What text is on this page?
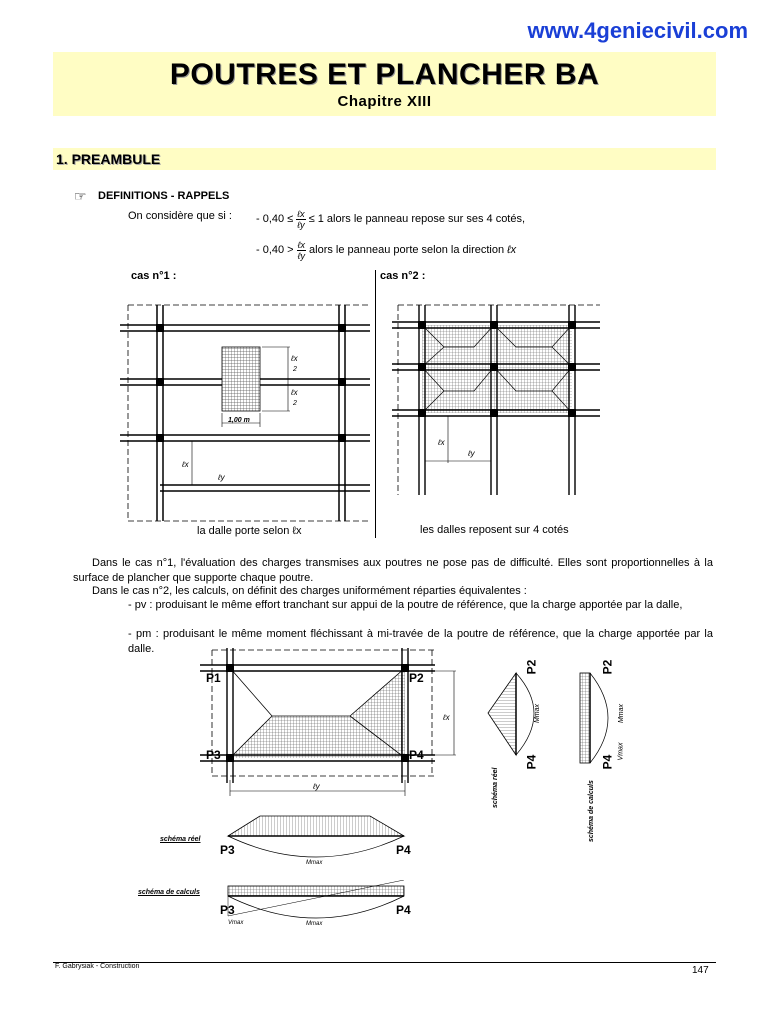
www.4geniecivil.com
POUTRES ET PLANCHER BA
Chapitre XIII
1. PREAMBULE
☞ DEFINITIONS - RAPPELS
On considère que si : - $0,40 \le \frac{\text{ℓx}}{\text{ℓy}} \le 1$ alors le panneau repose sur ses 4 cotés,
- $0,40 > \frac{\text{ℓx}}{\text{ℓy}}$ alors le panneau porte selon la direction ℓx
cas n°1 :	cas n°2 :
ℓx
2
ℓx
2
1,00 m
ℓx
ℓy
ℓx
ℓy
la dalle porte selon ℓx	les dalles reposent sur 4 cotés
Dans le cas n°1, l'évaluation des charges transmises aux poutres ne pose pas de difficulté. Elles sont proportionnelles à la surface de plancher que supporte chaque poutre.
Dans le cas n°2, les calculs, on définit des charges uniformément réparties équivalentes :
- pv : produisant le même effort tranchant sur appui de la poutre de référence, que la charge apportée par la dalle,
- pm : produisant le même moment fléchissant à mi-travée de la poutre de référence, que la charge apportée par la dalle.
ℓx
ℓy
P1	P2
P3	P4
P2
P4
Mmax
schéma réel
P2
P4
Mmax
Vmax
schéma de calculs
schéma réel
P3	P4
Mmax
schéma de calculs
P3	P4
Vmax	Mmax
F. Gabrysiak - Construction	147
